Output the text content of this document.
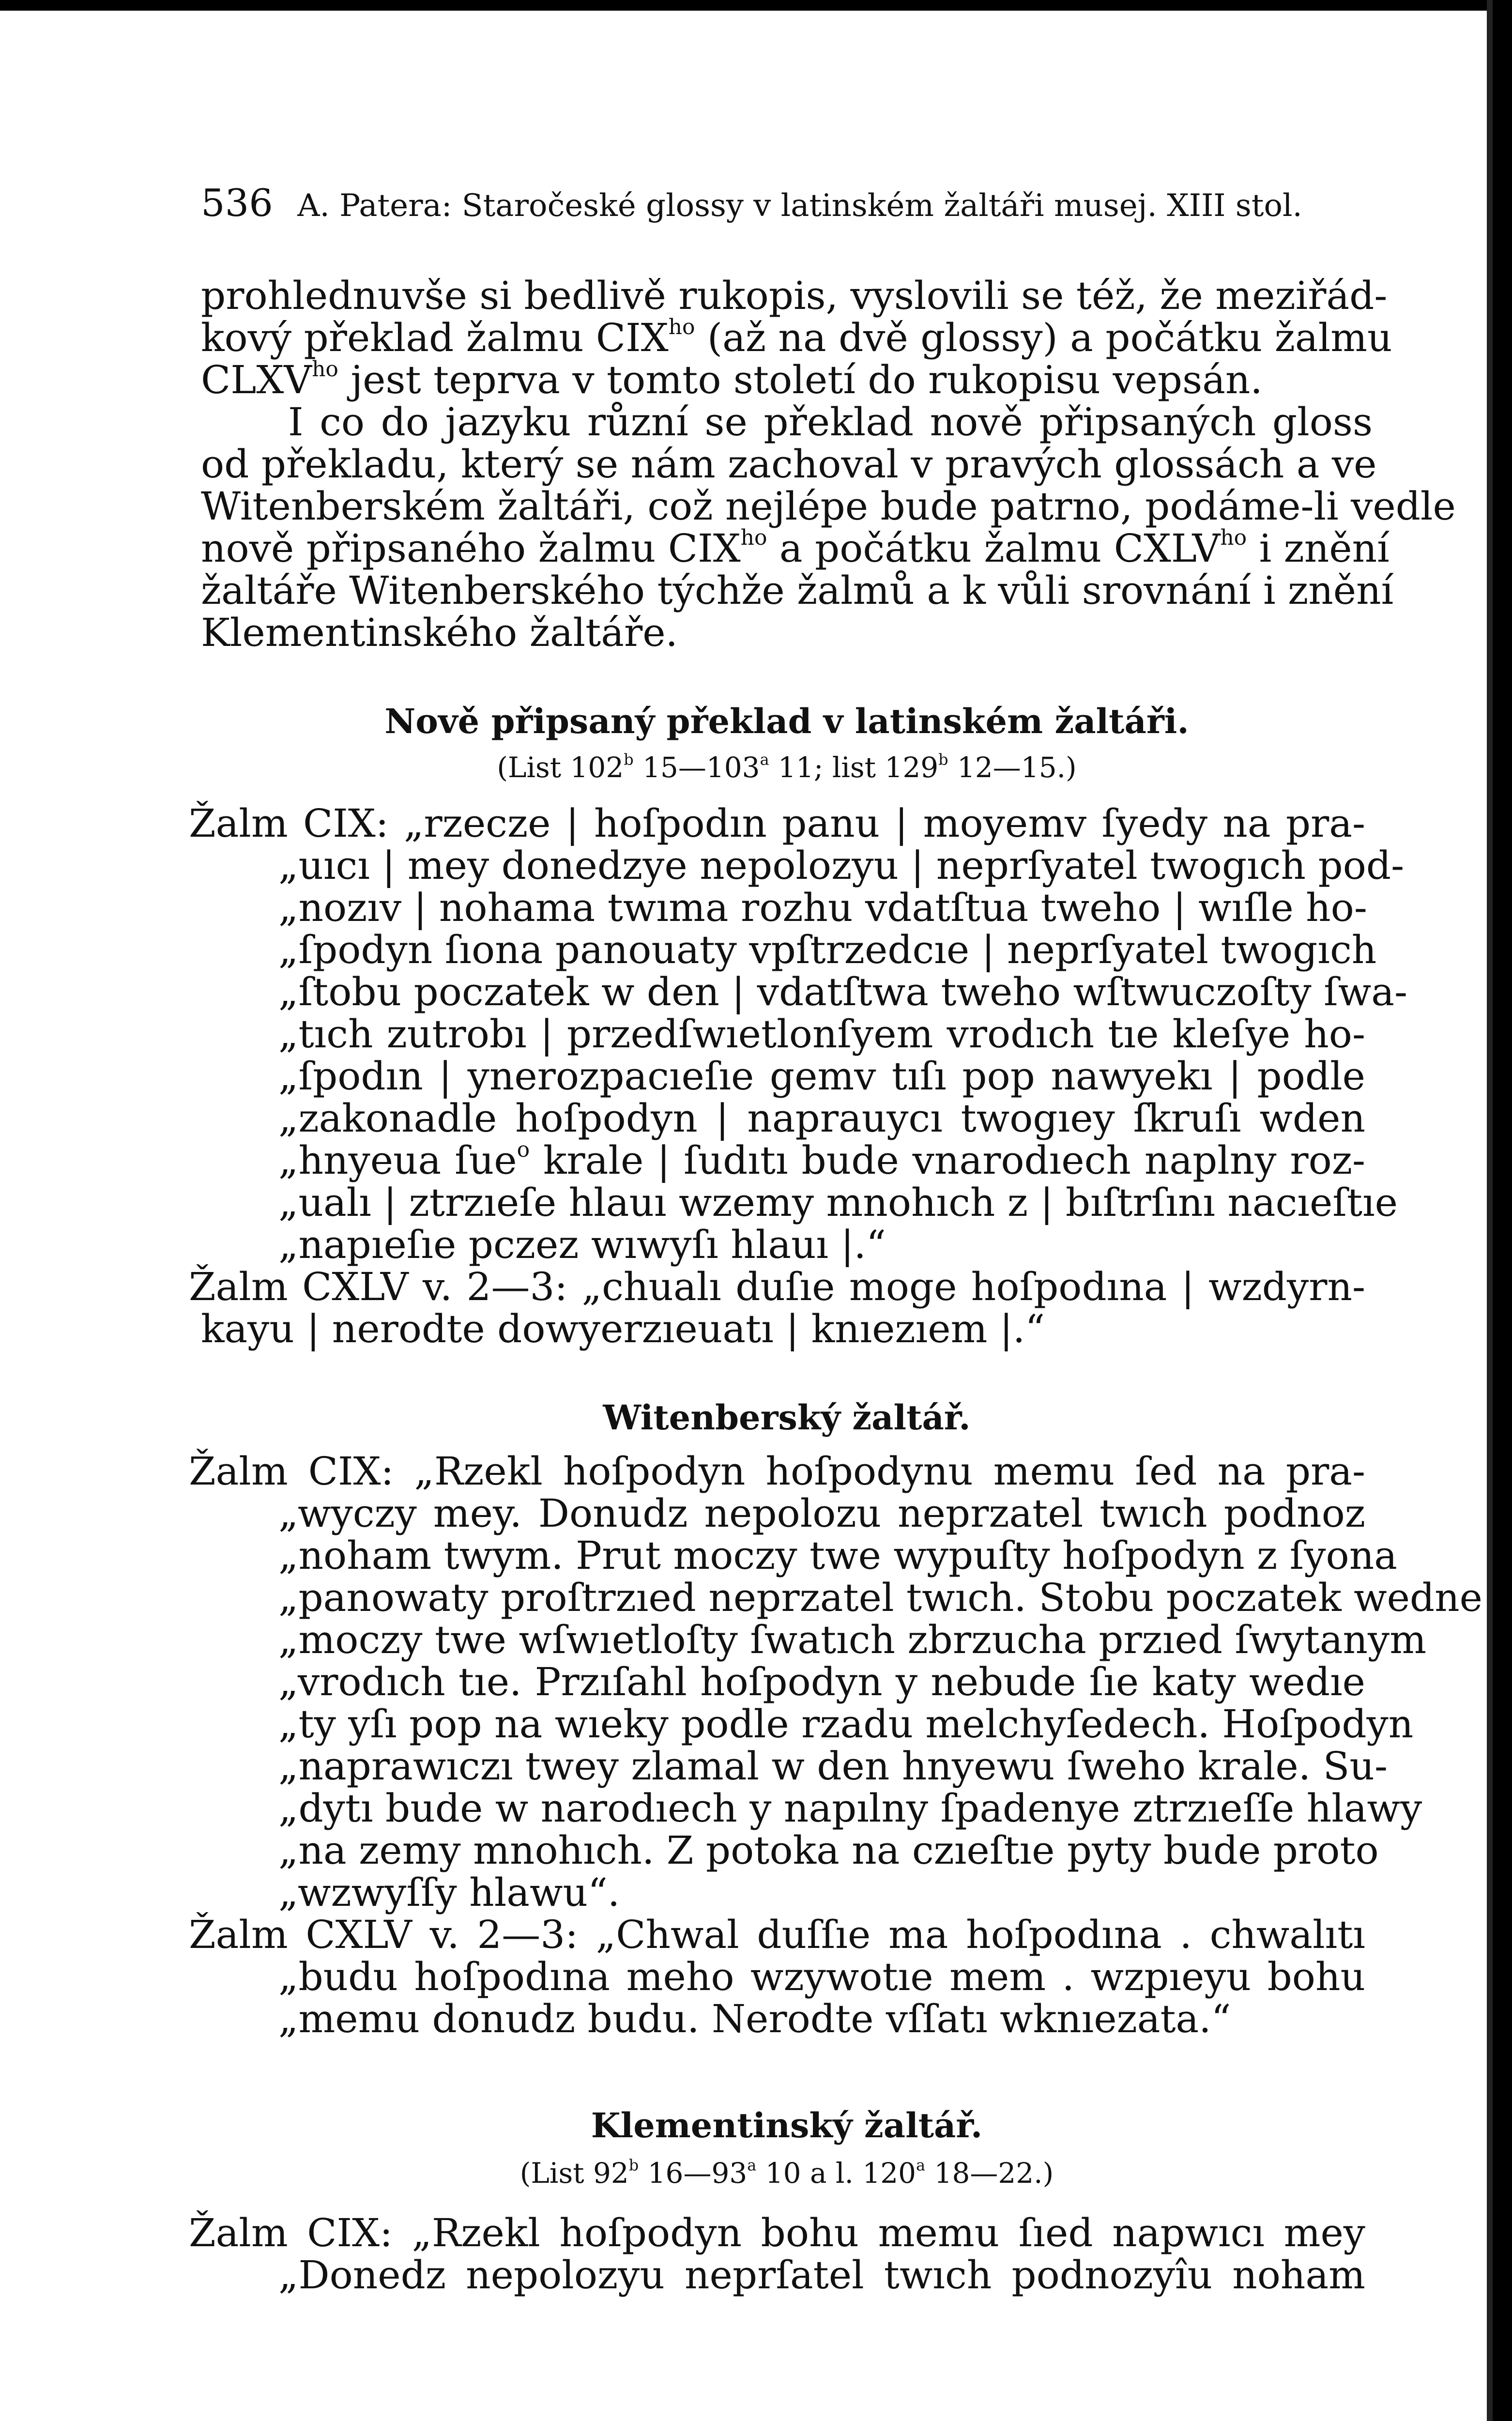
536 A. Patera: Staročeské glossy v latinském žaltáři musej. XIII stol.
prohlednuvše si bedlivě rukopis, vyslovili se též, že meziřád-
kový překlad žalmu $CIX^{ho}$ (až na dvě glossy) a počátku žalmu
$CLXV^{ho}$ jest teprva v tomto století do rukopisu vepsán.
I co do jazyku různí se překlad nově připsaných gloss
od překladu, který se nám zachoval v pravých glossách a ve
Witenberském žaltáři, což nejlépe bude patrno, podáme-li vedle
nově připsaného žalmu $CIX^{ho}$ a počátku žalmu $CXLV^{ho}$ i znění
žaltáře Witenberského týchže žalmů a k vůli srovnání i znění
Klementinského žaltáře.
Nově připsaný překlad v latinském žaltáři.
(List 102$^b$ 15—103$^a$ 11; list 129$^b$ 12—15.)
Žalm CIX: „rzecze | hoſpodın panu | moyemv ſyedy na pra-
„uıcı | mey donedzye nepolozyu | neprſyatel twogıch pod-
„nozıv | nohama twıma rozhu vdatſtua tweho | wıſle ho-
„ſpodyn ſıona panouaty vpſtrzedcıe | neprſyatel twogıch
„ſtobu poczatek w den | vdatſtwa tweho wſtwuczoſty ſwa-
„tıch zutrobı | przedſwıetlonſyem vrodıch tıe kleſye ho-
„ſpodın | ynerozpacıeſıe gemv tıſı pop nawyekı | podle
„zakonadle hoſpodyn | naprauycı twogıey ſkruſı wden
„hnyeua ſue$^o$ krale | ſudıtı bude vnarodıech naplny roz-
„ualı | ztrzıeſe hlauı wzemy mnohıch z | bıſtrſını nacıeſtıe
„napıeſıe pczez wıwyſı hlauı |.“
Žalm CXLV v. 2—3: „chualı duſıe moge hoſpodına | wzdyrn-
kayu | nerodte dowyerzıeuatı | knıezıem |.“
Witenberský žaltář.
Žalm CIX: „Rzekl hoſpodyn hoſpodynu memu ſed na pra-
„wyczy mey. Donudz nepolozu neprzatel twıch podnoz
„noham twym. Prut moczy twe wypuſty hoſpodyn z ſyona
„panowaty proſtrzıed neprzatel twıch. Stobu poczatek wedne
„moczy twe wſwıetloſty ſwatıch zbrzucha przıed ſwytanym
„vrodıch tıe. Przıſahl hoſpodyn y nebude ſıe katy wedıe
„ty yſı pop na wıeky podle rzadu melchyſedech. Hoſpodyn
„naprawıczı twey zlamal w den hnyewu ſweho krale. Su-
„dytı bude w narodıech y napılny ſpadenye ztrzıeſſe hlawy
„na zemy mnohıch. Z potoka na czıeſtıe pyty bude proto
„wzwyſſy hlawu“.
Žalm CXLV v. 2—3: „Chwal duſſıe ma hoſpodına . chwalıtı
„budu hoſpodına meho wzywotıe mem . wzpıeyu bohu
„memu donudz budu. Nerodte vſſatı wknıezata.“
Klementinský žaltář.
(List 92$^b$ 16—93$^a$ 10 a l. 120$^a$ 18—22.)
Žalm CIX: „Rzekl hoſpodyn bohu memu ſıed napwıcı mey
„Donedz nepolozyu neprſatel twıch podnozyîu noham
